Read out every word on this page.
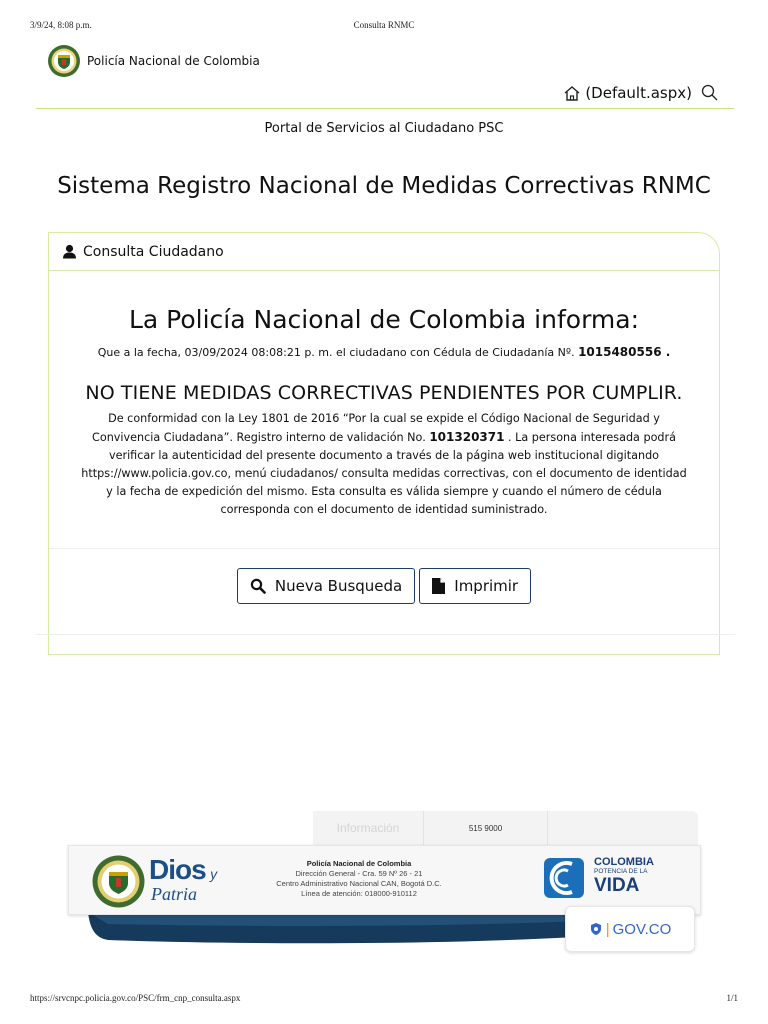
3/9/24, 8:08 p.m.	Consulta RNMC
https://srvcnpc.policia.gov.co/PSC/frm_cnp_consulta.aspx	1/1
Policía Nacional de Colombia
(Default.aspx)
Portal de Servicios al Ciudadano PSC
Sistema Registro Nacional de Medidas Correctivas RNMC
Consulta Ciudadano
La Policía Nacional de Colombia informa:

Que a la fecha, 03/09/2024 08:08:21 p. m. el ciudadano con Cédula de Ciudadanía Nº. 1015480556 .

NO TIENE MEDIDAS CORRECTIVAS PENDIENTES POR CUMPLIR.

De conformidad con la Ley 1801 de 2016 “Por la cual se expide el Código Nacional de Seguridad y Convivencia Ciudadana”. Registro interno de validación No. 101320371 . La persona interesada podrá verificar la autenticidad del presente documento a través de la página web institucional digitando https://www.policia.gov.co, menú ciudadanos/ consulta medidas correctivas, con el documento de identidad y la fecha de expedición del mismo. Esta consulta es válida siempre y cuando el número de cédula corresponda con el documento de identidad suministrado.

Nueva Busqueda	Imprimir
Información	515 9000
Dios y
Patria
Policía Nacional de Colombia
Dirección General - Cra. 59 Nº 26 - 21
Centro Administrativo Nacional CAN, Bogotá D.C.
Línea de atención: 018000-910112
COLOMBIA
POTENCIA DE LA
VIDA
| GOV.CO
